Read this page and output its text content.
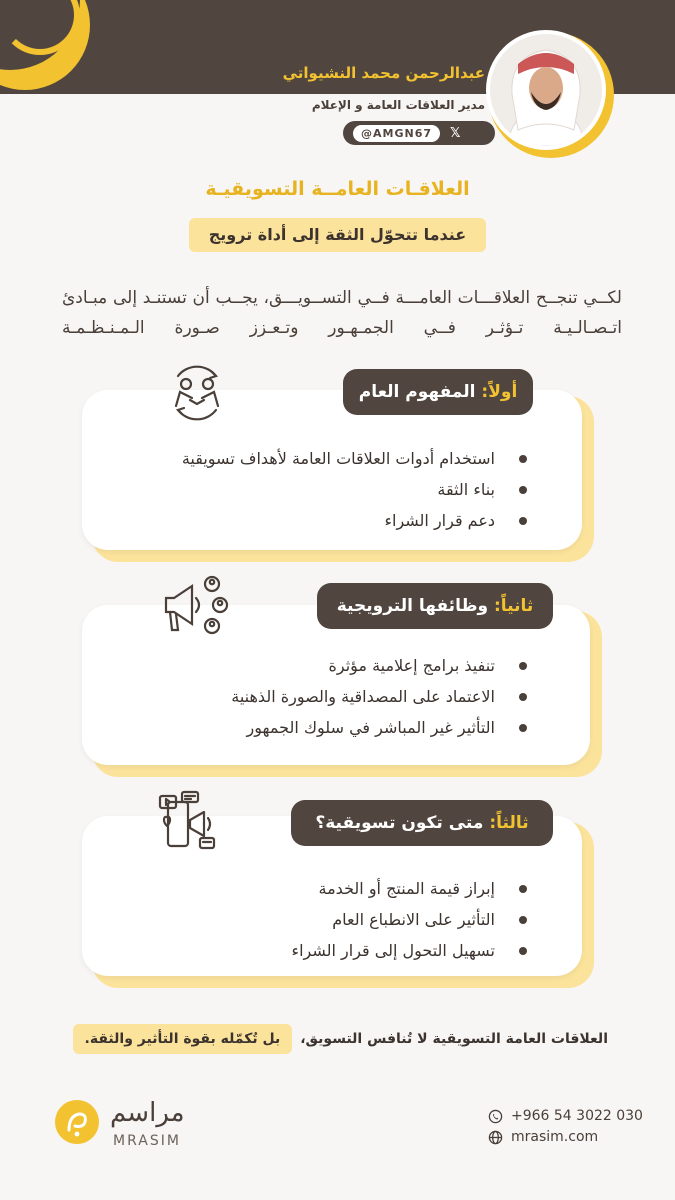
عبدالرحمن محمد النشيواتي
مدير العلاقات العامة و الإعلام
@AMGN67	𝕏
العلاقـات العامــة التسويقيـة
عندما تتحوّل الثقة إلى أداة ترويج
لكــي تنجــح العلاقـــات العامـــة فــي التســويـــق، يجــب أن تستنـد إلى مبـادئ اتـصـالـيـة تـؤثـر فــي الجمـهـور وتـعـزز صـورة الـمـنـظـمـة
أولاً:

المفهوم العام
استخدام أدوات العلاقات العامة لأهداف تسويقية
بناء الثقة
دعم قرار الشراء
ثانياً:

وظائفها الترويجية
تنفيذ برامج إعلامية مؤثرة
الاعتماد على المصداقية والصورة الذهنية
التأثير غير المباشر في سلوك الجمهور
ثالثاً:

متى تكون تسويقية؟
إبراز قيمة المنتج أو الخدمة
التأثير على الانطباع العام
تسهيل التحول إلى قرار الشراء
العلاقات العامة التسويقية لا تُنافس التسويق،
بل تُكمّله بقوة التأثير والثقة.
مراسم
MRASIM
+966 54 3022 030
mrasim.com
